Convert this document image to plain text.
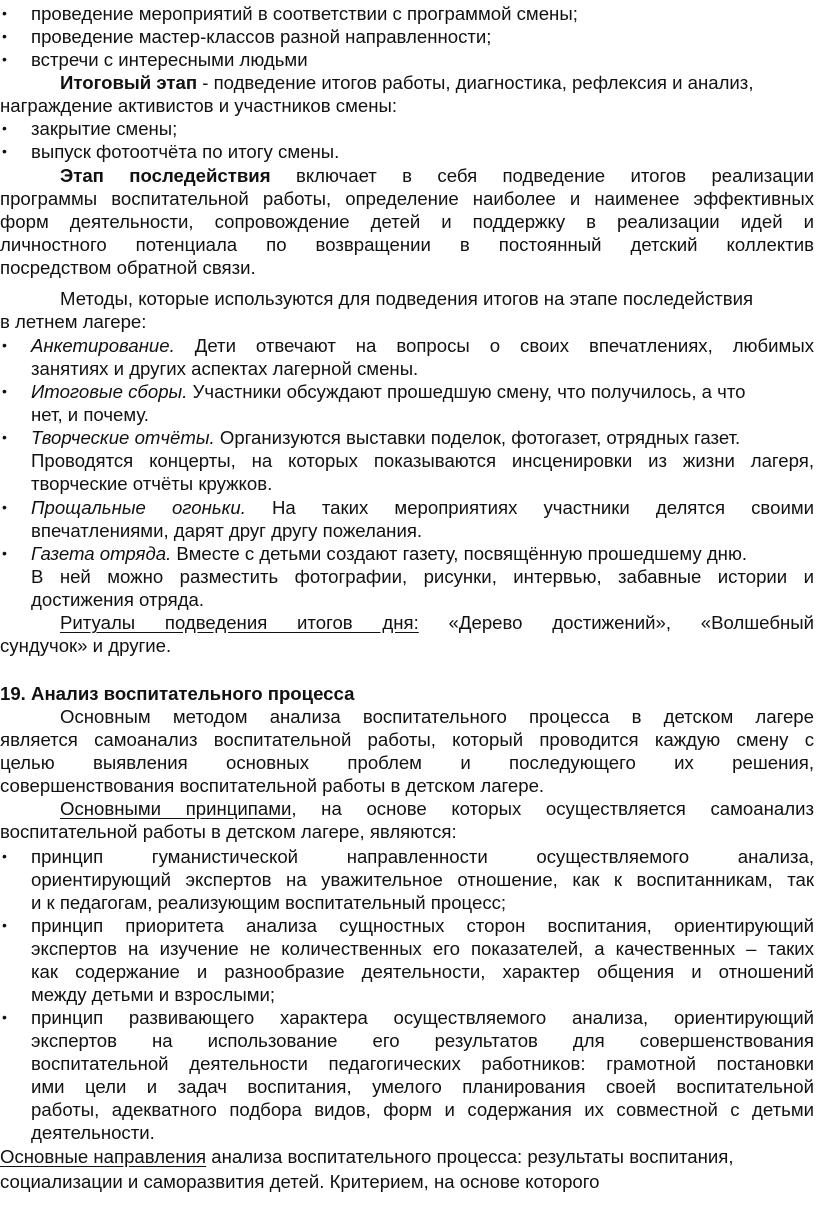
•	проведение мероприятий в соответствии с программой смены;
•	проведение мастер-классов разной направленности;
•	встречи с интересными людьми
Итоговый этап - подведение итогов работы, диагностика, рефлексия и анализ,
награждение активистов и участников смены:
•	закрытие смены;
•	выпуск фотоотчёта по итогу смены.
Этап последействия включает в себя подведение итогов реализации
программы воспитательной работы, определение наиболее и наименее эффективных
форм деятельности, сопровождение детей и поддержку в реализации идей и
личностного потенциала по возвращении в постоянный детский коллектив
посредством обратной связи.
Методы, которые используются для подведения итогов на этапе последействия
в летнем лагере:
•	Анкетирование. Дети отвечают на вопросы о своих впечатлениях, любимых
занятиях и других аспектах лагерной смены.
•	Итоговые сборы. Участники обсуждают прошедшую смену, что получилось, а что
нет, и почему.
•	Творческие отчёты. Организуются выставки поделок, фотогазет, отрядных газет.
Проводятся концерты, на которых показываются инсценировки из жизни лагеря,
творческие отчёты кружков.
•	Прощальные огоньки. На таких мероприятиях участники делятся своими
впечатлениями, дарят друг другу пожелания.
•	Газета отряда. Вместе с детьми создают газету, посвящённую прошедшему дню.
В ней можно разместить фотографии, рисунки, интервью, забавные истории и
достижения отряда.
Ритуалы подведения итогов дня: «Дерево достижений», «Волшебный
сундучок» и другие.
19. Анализ воспитательного процесса
Основным методом анализа воспитательного процесса в детском лагере
является самоанализ воспитательной работы, который проводится каждую смену с
целью выявления основных проблем и последующего их решения,
совершенствования воспитательной работы в детском лагере.
Основными принципами, на основе которых осуществляется самоанализ
воспитательной работы в детском лагере, являются:
•	принцип гуманистической направленности осуществляемого анализа,
ориентирующий экспертов на уважительное отношение, как к воспитанникам, так
и к педагогам, реализующим воспитательный процесс;
•	принцип приоритета анализа сущностных сторон воспитания, ориентирующий
экспертов на изучение не количественных его показателей, а качественных – таких
как содержание и разнообразие деятельности, характер общения и отношений
между детьми и взрослыми;
•	принцип развивающего характера осуществляемого анализа, ориентирующий
экспертов на использование его результатов для совершенствования
воспитательной деятельности педагогических работников: грамотной постановки
ими цели и задач воспитания, умелого планирования своей воспитательной
работы, адекватного подбора видов, форм и содержания их совместной с детьми
деятельности.
Основные направления анализа воспитательного процесса: результаты воспитания,
социализации и саморазвития детей. Критерием, на основе которого
